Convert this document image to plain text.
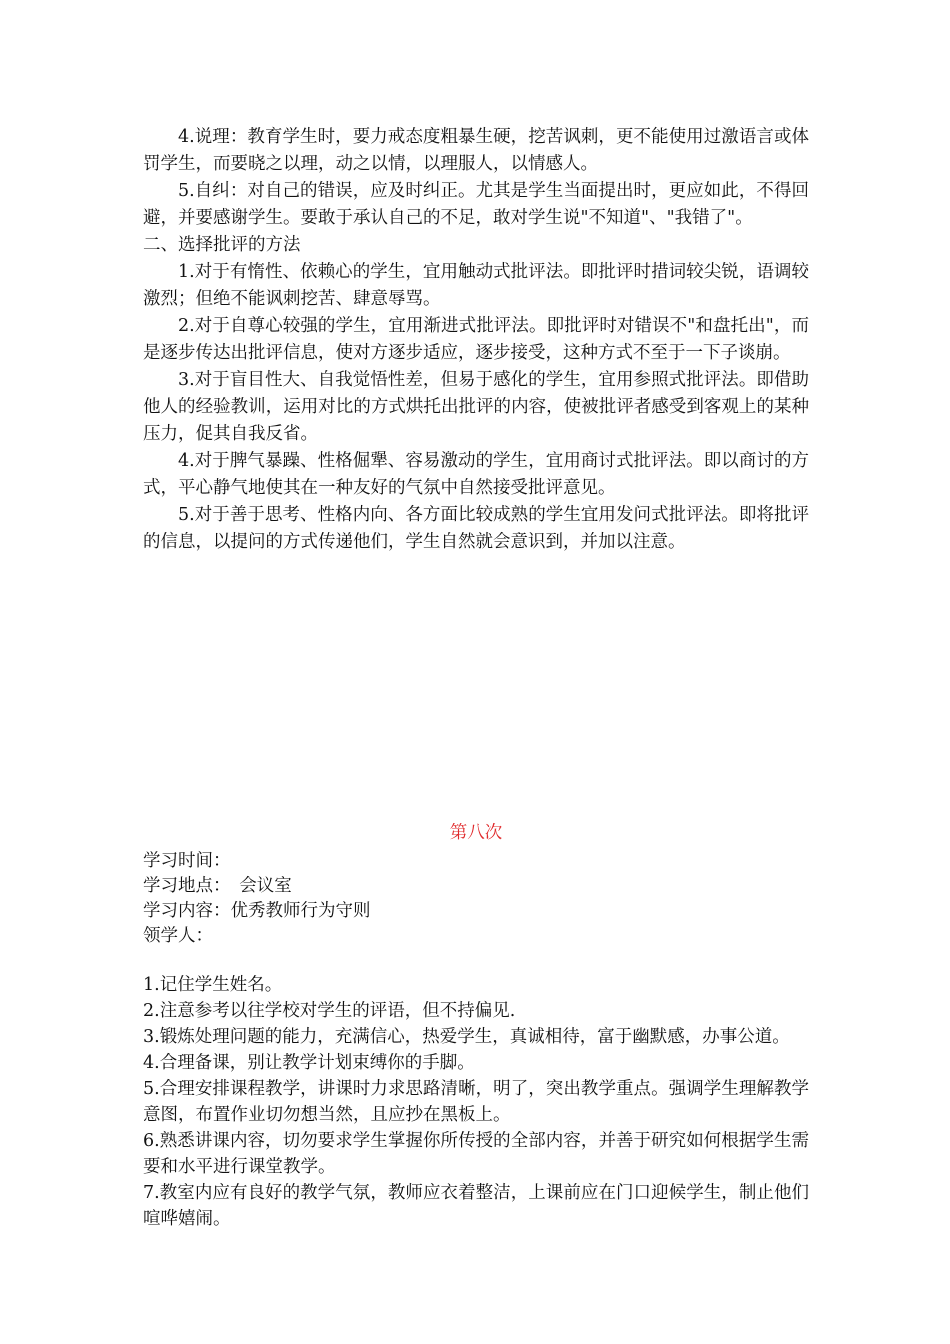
4.说理：教育学生时，要力戒态度粗暴生硬，挖苦讽刺，更不能使用过激语言或体罚学生，而要晓之以理，动之以情，以理服人，以情感人。

5.自纠：对自己的错误，应及时纠正。尤其是学生当面提出时，更应如此，不得回避，并要感谢学生。要敢于承认自己的不足，敢对学生说"不知道"、"我错了"。

二、选择批评的方法

1.对于有惰性、依赖心的学生，宜用触动式批评法。即批评时措词较尖锐，语调较激烈；但绝不能讽刺挖苦、肆意辱骂。

2.对于自尊心较强的学生，宜用渐进式批评法。即批评时对错误不"和盘托出"，而是逐步传达出批评信息，使对方逐步适应，逐步接受，这种方式不至于一下子谈崩。

3.对于盲目性大、自我觉悟性差，但易于感化的学生，宜用参照式批评法。即借助他人的经验教训，运用对比的方式烘托出批评的内容，使被批评者感受到客观上的某种压力，促其自我反省。

4.对于脾气暴躁、性格倔犟、容易激动的学生，宜用商讨式批评法。即以商讨的方式，平心静气地使其在一种友好的气氛中自然接受批评意见。

5.对于善于思考、性格内向、各方面比较成熟的学生宜用发问式批评法。即将批评的信息，以提问的方式传递他们，学生自然就会意识到，并加以注意。

第八次

学习时间：

学习地点：　会议室

学习内容：优秀教师行为守则

领学人：

1.记住学生姓名。

2.注意参考以往学校对学生的评语，但不持偏见.

3.锻炼处理问题的能力，充满信心，热爱学生，真诚相待，富于幽默感，办事公道。

4.合理备课，别让教学计划束缚你的手脚。

5.合理安排课程教学，讲课时力求思路清晰，明了，突出教学重点。强调学生理解教学意图，布置作业切勿想当然，且应抄在黑板上。

6.熟悉讲课内容，切勿要求学生掌握你所传授的全部内容，并善于研究如何根据学生需要和水平进行课堂教学。

7.教室内应有良好的教学气氛，教师应衣着整洁，上课前应在门口迎候学生，制止他们喧哗嬉闹。
